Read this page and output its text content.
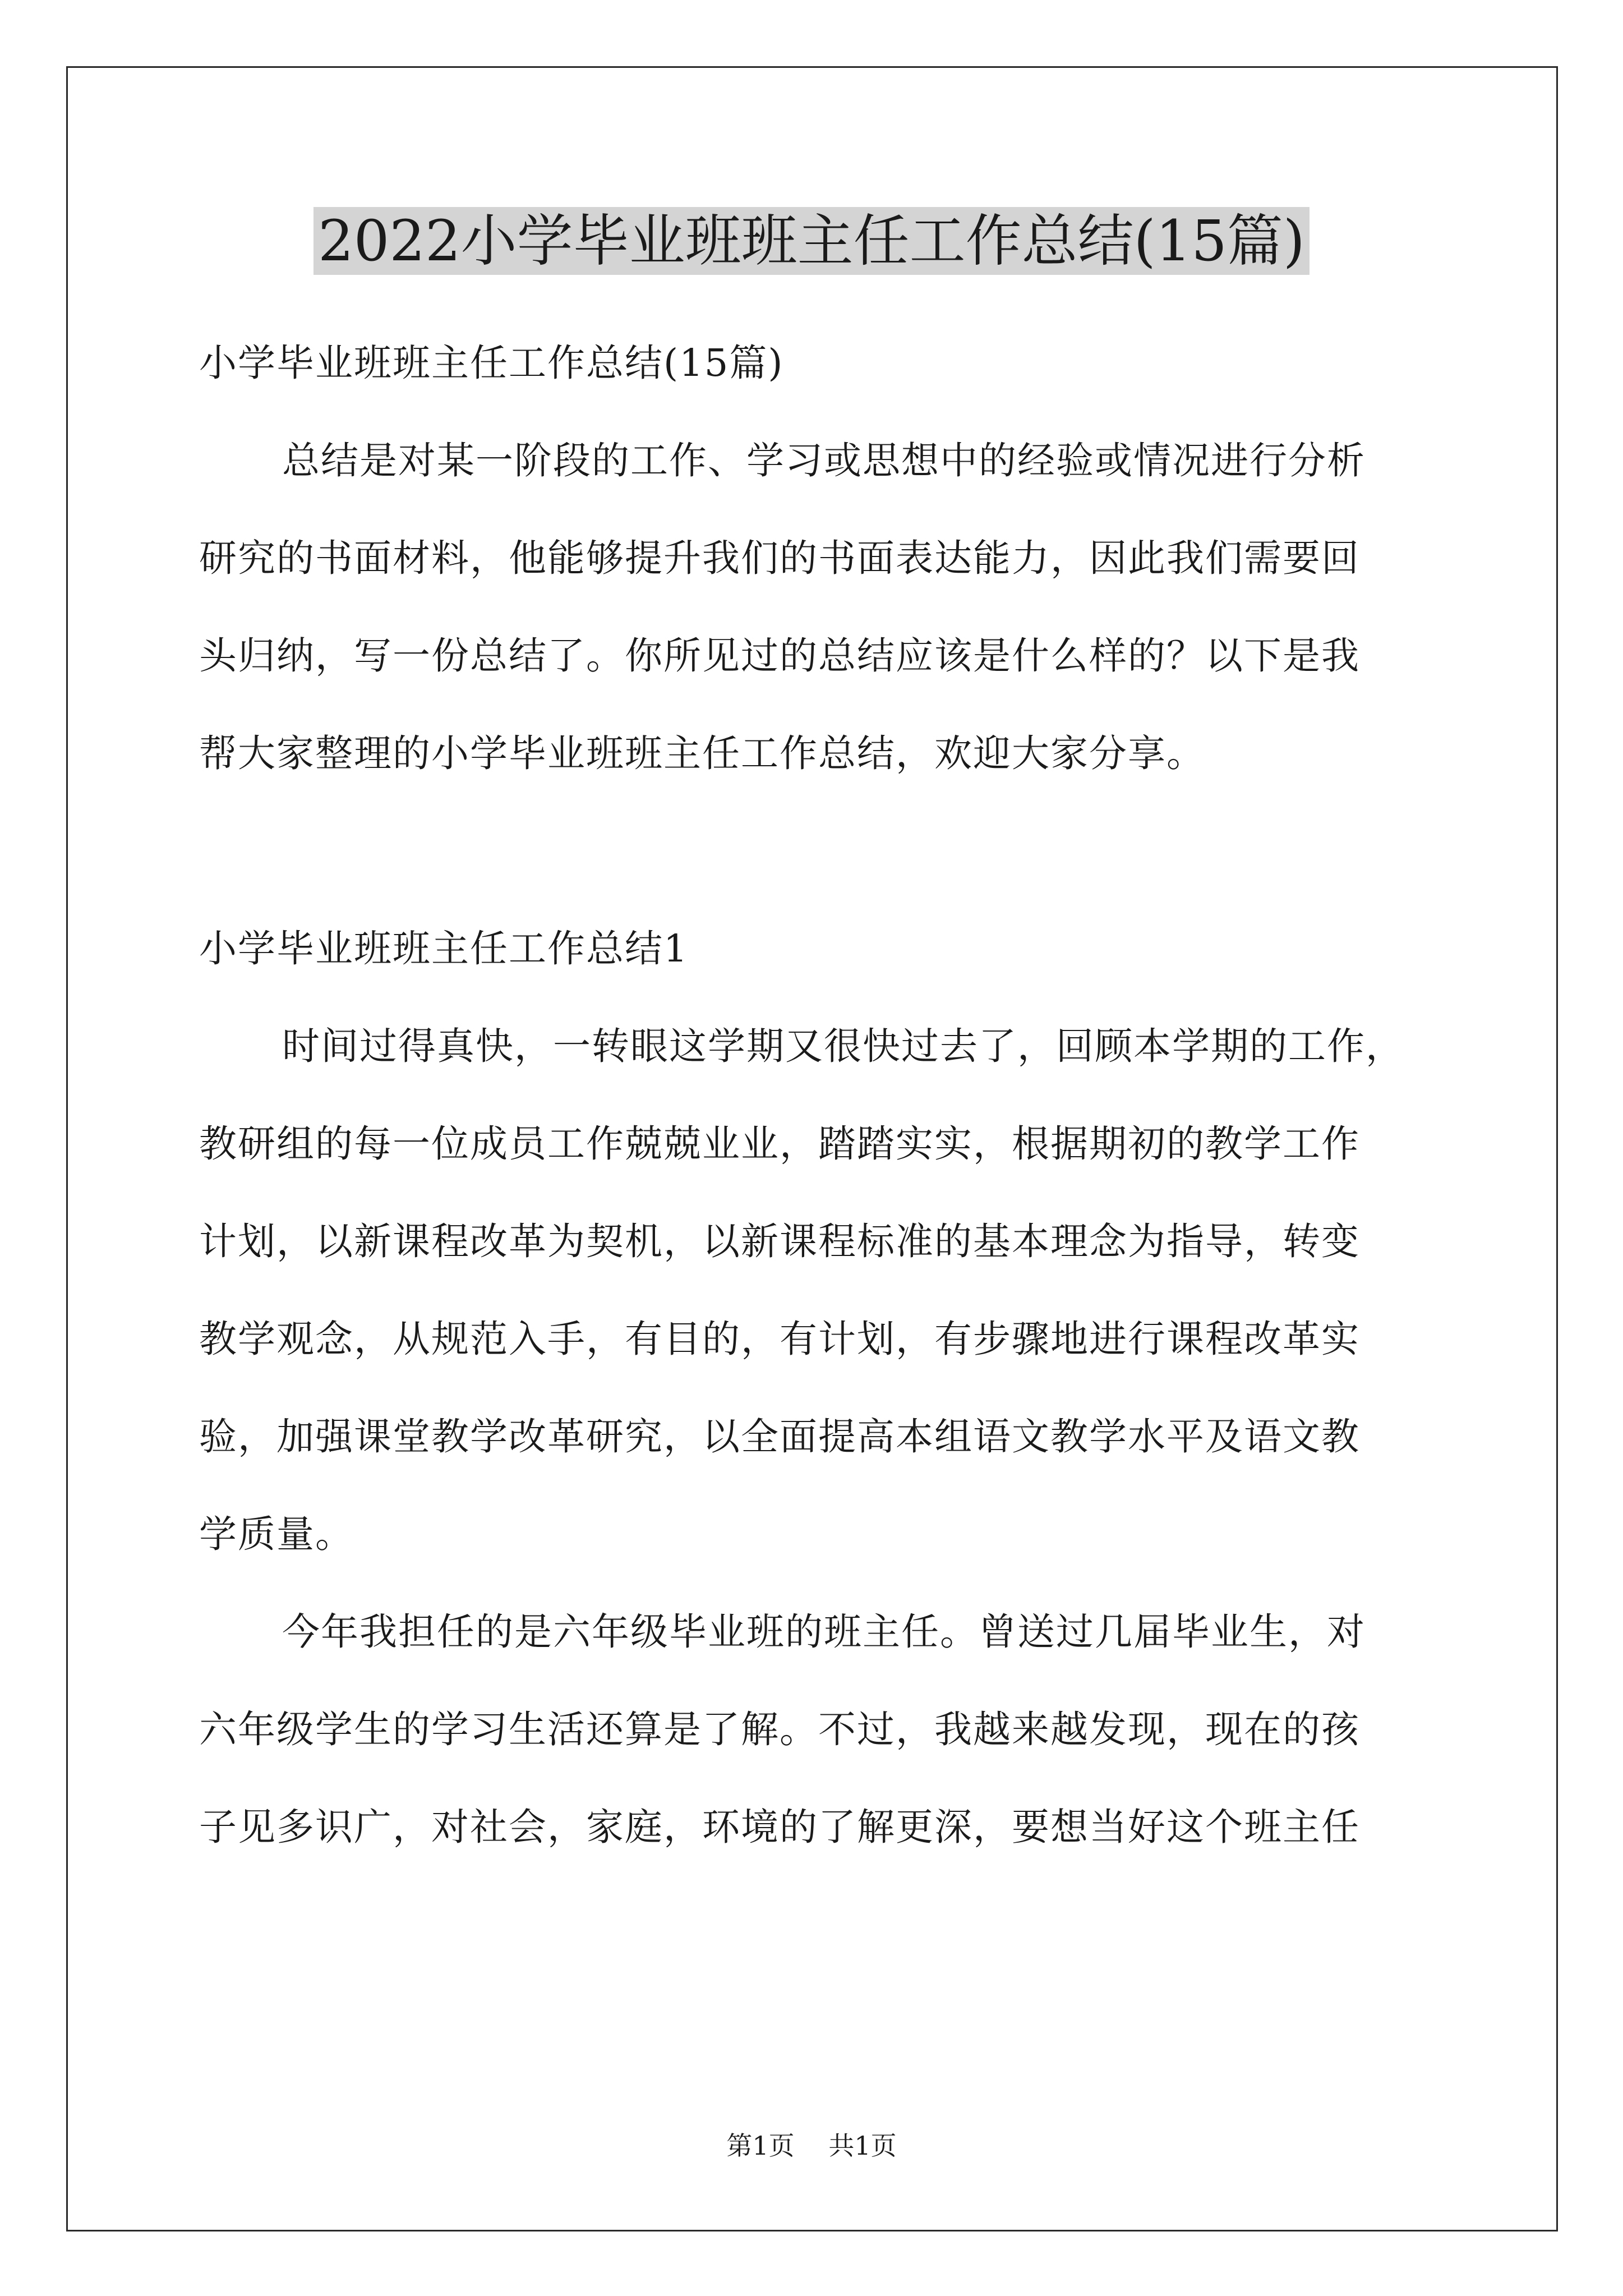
2022小学毕业班班主任工作总结(15篇)
小学毕业班班主任工作总结(15篇)
总结是对某一阶段的工作、学习或思想中的经验或情况进行分析
研究的书面材料，他能够提升我们的书面表达能力，因此我们需要回
头归纳，写一份总结了。你所见过的总结应该是什么样的？以下是我
帮大家整理的小学毕业班班主任工作总结，欢迎大家分享。
小学毕业班班主任工作总结1
时间过得真快，一转眼这学期又很快过去了，回顾本学期的工作，
教研组的每一位成员工作兢兢业业，踏踏实实，根据期初的教学工作
计划，以新课程改革为契机，以新课程标准的基本理念为指导，转变
教学观念，从规范入手，有目的，有计划，有步骤地进行课程改革实
验，加强课堂教学改革研究，以全面提高本组语文教学水平及语文教
学质量。
今年我担任的是六年级毕业班的班主任。曾送过几届毕业生，对
六年级学生的学习生活还算是了解。不过，我越来越发现，现在的孩
子见多识广，对社会，家庭，环境的了解更深，要想当好这个班主任
第1页 共1页
